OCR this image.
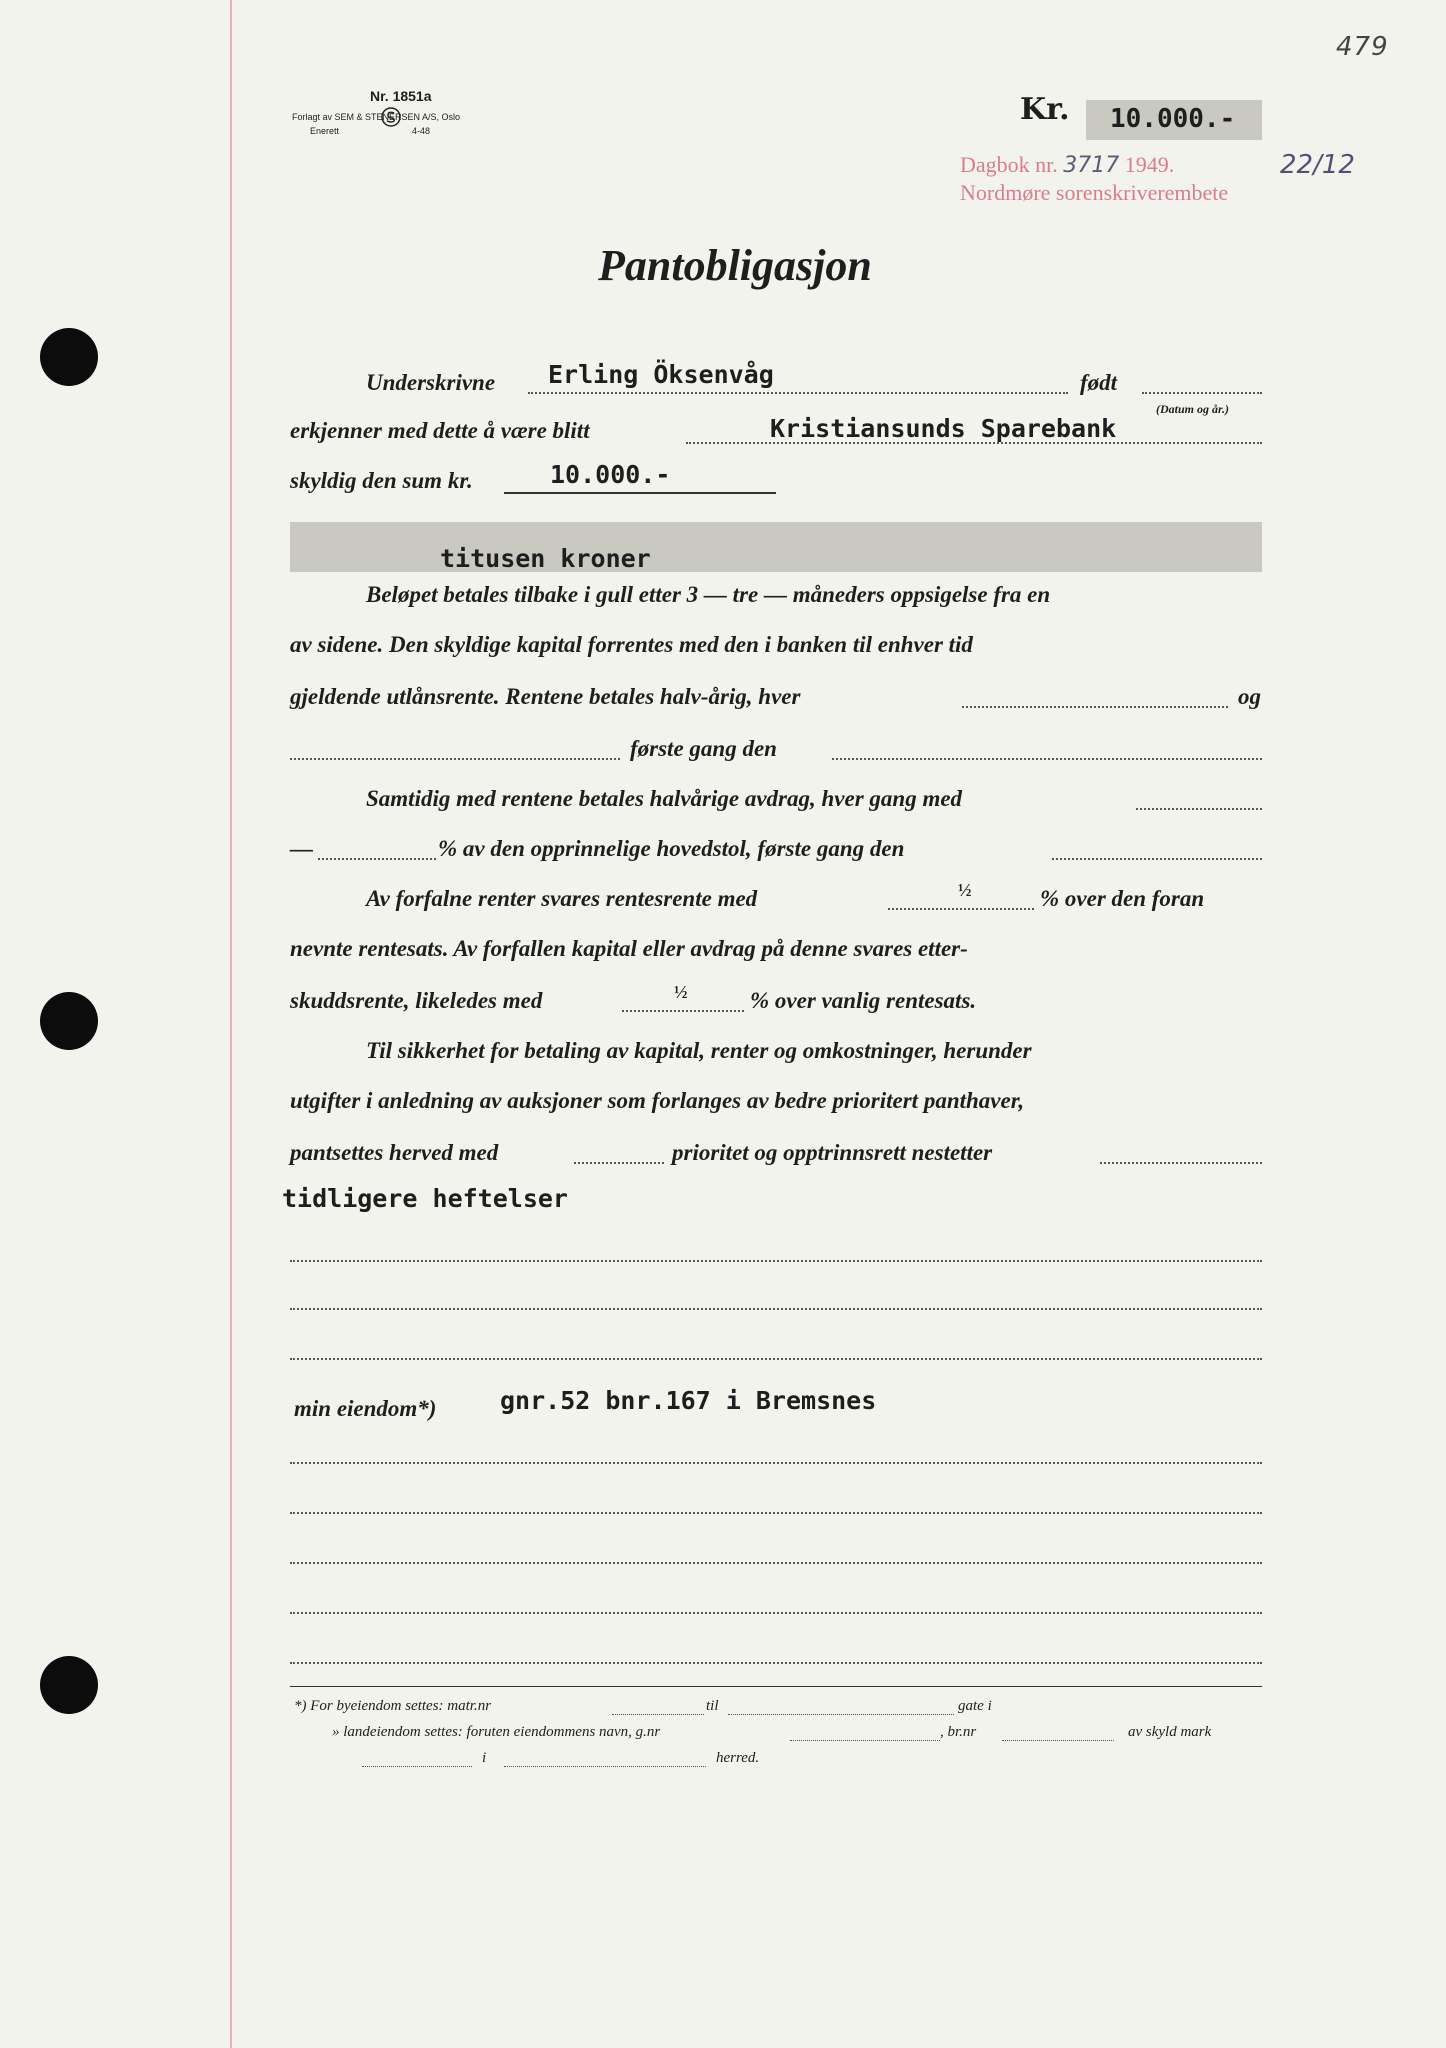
479
Nr. 1851a
Forlagt av SEM & STENERSEN A/S, Oslo
Enerett	4-48
Kr. 10.000.-
Dagbok nr. 3717 1949.	22/12
Nordmøre sorenskriverembete
Pantobligasjon
Underskrivne Erling Öksenvåg	født
(Datum og år.)
erkjenner med dette å være blitt	Kristiansunds Sparebank
skyldig den sum kr.	10.000.-
titusen kroner
Beløpet betales tilbake i gull etter 3 — tre — måneders oppsigelse fra en
av sidene. Den skyldige kapital forrentes med den i banken til enhver tid
gjeldende utlånsrente. Rentene betales halv-årig, hver	og
første gang den
Samtidig med rentene betales halvårige avdrag, hver gang med
—	% av den opprinnelige hovedstol, første gang den
Av forfalne renter svares rentesrente med	½	% over den foran
nevnte rentesats. Av forfallen kapital eller avdrag på denne svares etter-
skuddsrente, likeledes med	½	% over vanlig rentesats.
Til sikkerhet for betaling av kapital, renter og omkostninger, herunder
utgifter i anledning av auksjoner som forlanges av bedre prioritert panthaver,
pantsettes herved med	prioritet og opptrinnsrett nestetter
tidligere heftelser
min eiendom*)	gnr.52 bnr.167 i Bremsnes
*) For byeiendom settes: matr.nr	til	gate i
» landeiendom settes: foruten eiendommens navn, g.nr	, br.nr	av skyld mark
i	herred.
